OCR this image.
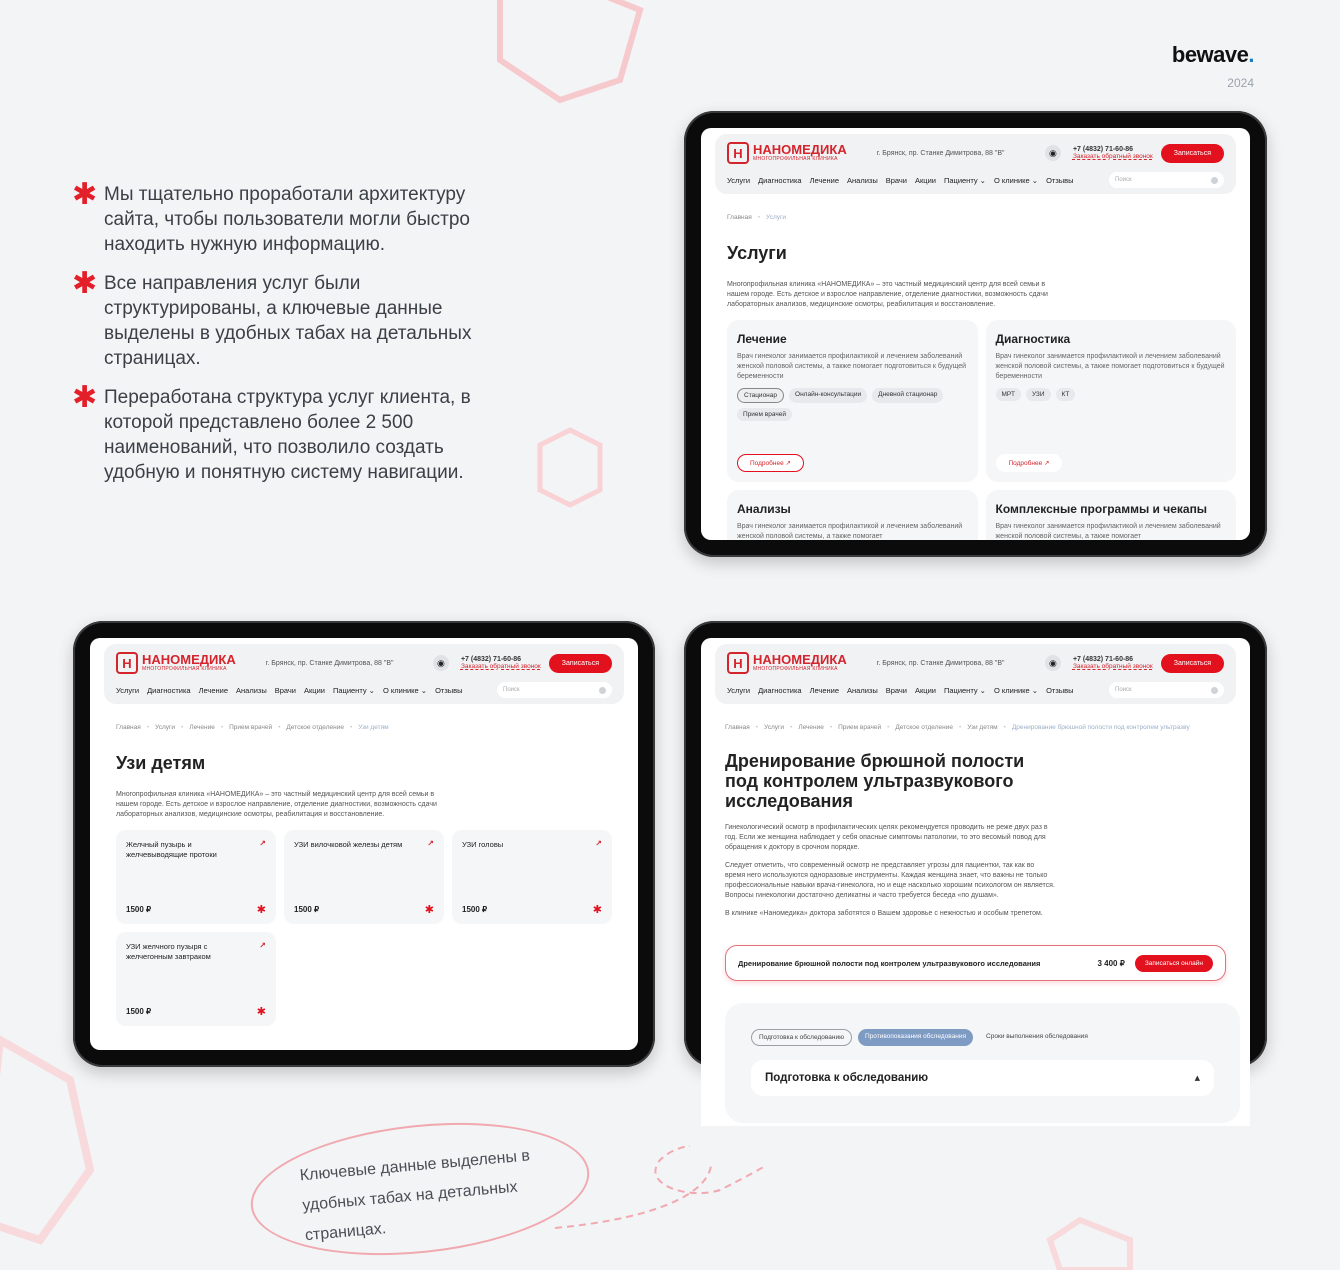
bewave.
2024
✱ Мы тщательно проработали архитектуру сайта, чтобы пользователи могли быстро находить нужную информацию.
✱ Все направления услуг были структурированы, а ключевые данные выделены в удобных табах на детальных страницах.
✱ Переработана структура услуг клиента, в которой представлено более 2 500 наименований, что позволило создать удобную и понятную систему навигации.
H НАНОМЕДИКА
МНОГОПРОФИЛЬНАЯ КЛИНИКА
г. Брянск, пр. Станке Димитрова, 88 "В"	◉	+7 (4832) 71-60-86
Заказать обратный звонок	Записаться
Услуги Диагностика Лечение Анализы Врачи Акции Пациенту ⌄ О клинике ⌄ Отзывы	Поиск
Главная • Услуги
Услуги
Многопрофильная клиника «НАНОМЕДИКА» – это частный медицинский центр для всей семьи в нашем городе. Есть детское и взрослое направление, отделение диагностики, возможность сдачи лабораторных анализов, медицинские осмотры, реабилитация и восстановление.
Лечение
Врач гинеколог занимается профилактикой и лечением заболеваний женской половой системы, а также помогает подготовиться к будущей беременности
Стационар	Онлайн-консультации	Дневной стационар
Прием врачей
Подробнее ↗
Диагностика
Врач гинеколог занимается профилактикой и лечением заболеваний женской половой системы, а также помогает подготовиться к будущей беременности
МРТ	УЗИ	КТ
Подробнее ↗
Анализы
Врач гинеколог занимается профилактикой и лечением заболеваний женской половой системы, а также помогает
Комплексные программы и чекапы
Врач гинеколог занимается профилактикой и лечением заболеваний женской половой системы, а также помогает
H НАНОМЕДИКА
МНОГОПРОФИЛЬНАЯ КЛИНИКА
г. Брянск, пр. Станке Димитрова, 88 "В"	◉	+7 (4832) 71-60-86
Заказать обратный звонок	Записаться
Услуги Диагностика Лечение Анализы Врачи Акции Пациенту ⌄ О клинике ⌄ Отзывы	Поиск
Главная • Услуги • Лечение • Прием врачей • Детское отделение • Узи детям
Узи детям
Многопрофильная клиника «НАНОМЕДИКА» – это частный медицинский центр для всей семьи в нашем городе. Есть детское и взрослое направление, отделение диагностики, возможность сдачи лабораторных анализов, медицинские осмотры, реабилитация и восстановление.
Желчный пузырь и желчевыводящие протоки
↗
1500 ₽	✱
УЗИ вилочковой железы детям	↗
1500 ₽	✱
УЗИ головы	↗
1500 ₽	✱
УЗИ желчного пузыря с желчегонным завтраком
↗
1500 ₽	✱
H НАНОМЕДИКА
МНОГОПРОФИЛЬНАЯ КЛИНИКА
г. Брянск, пр. Станке Димитрова, 88 "В"	◉	+7 (4832) 71-60-86
Заказать обратный звонок	Записаться
Услуги Диагностика Лечение Анализы Врачи Акции Пациенту ⌄ О клинике ⌄ Отзывы	Поиск
Главная • Услуги • Лечение • Прием врачей • Детское отделение • Узи детям • Дренирование брюшной полости под контролем ультразву
Дренирование брюшной полости под контролем ультразвукового исследования
Гинекологический осмотр в профилактических целях рекомендуется проводить не реже двух раз в год. Если же женщина наблюдает у себя опасные симптомы патологии, то это весомый повод для обращения к доктору в срочном порядке.
Следует отметить, что современный осмотр не представляет угрозы для пациентки, так как во время него используются одноразовые инструменты. Каждая женщина знает, что важны не только профессиональные навыки врача-гинеколога, но и еще насколько хорошим психологом он является. Вопросы гинекологии достаточно деликатны и часто требуется беседа «по душам».
В клинике «Наномедика» доктора заботятся о Вашем здоровье с нежностью и особым трепетом.
Дренирование брюшной полости под контролем ультразвукового исследования	3 400 ₽	Записаться онлайн
Подготовка к обследованию	Противопоказания обследования	Сроки выполнения обследования
Подготовка к обследованию	▲
Ключевые данные выделены в удобных табах на детальных страницах.
